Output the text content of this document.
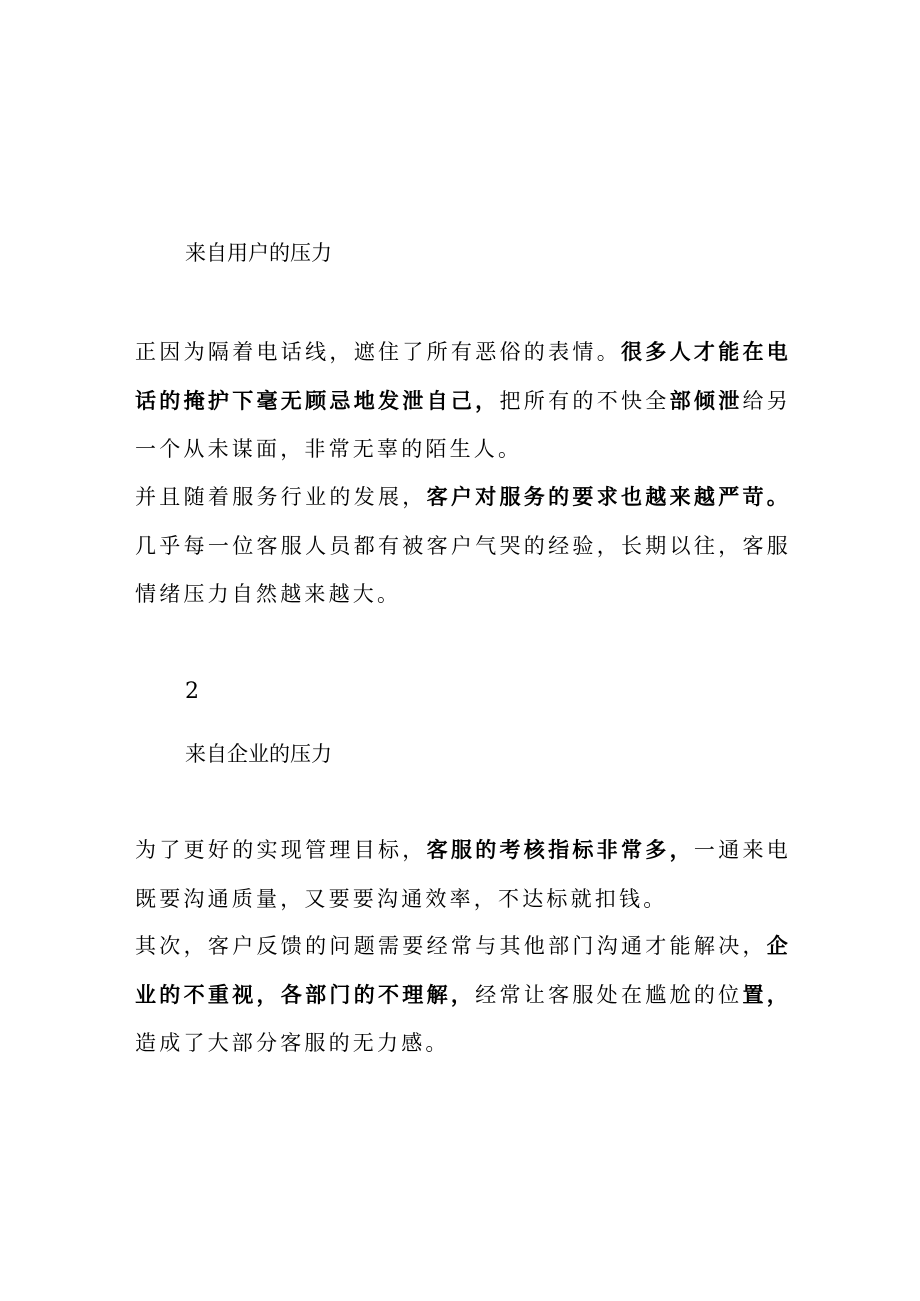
来自用户的压力

正因为隔着电话线，遮住了所有恶俗的表情。很多人才能在电话的掩护下毫无顾忌地发泄自己，把所有的不快全部倾泄给另一个从未谋面，非常无辜的陌生人。

并且随着服务行业的发展，客户对服务的要求也越来越严苛。几乎每一位客服人员都有被客户气哭的经验，长期以往，客服情绪压力自然越来越大。

2
来自企业的压力

为了更好的实现管理目标，客服的考核指标非常多，一通来电既要沟通质量，又要要沟通效率，不达标就扣钱。

其次，客户反馈的问题需要经常与其他部门沟通才能解决，企业的不重视，各部门的不理解，经常让客服处在尴尬的位置，造成了大部分客服的无力感。
